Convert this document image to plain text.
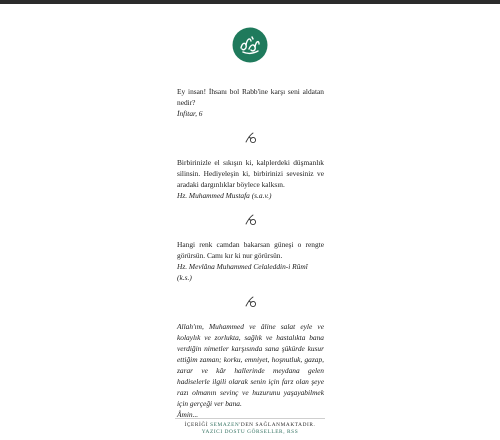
Ey insan! İhsanı bol Rabb'ine karşı seni aldatan nedir?

İnfitar, 6

Birbirinizle el sıkışın ki, kalplerdeki düşmanlık silinsin. Hediyeleşin ki, birbirinizi sevesiniz ve aradaki dargınlıklar böylece kalksın.

Hz. Muhammed Mustafa (s.a.v.)

Hangi renk camdan bakarsan güneşi o rengte görürsün. Camı kır ki nur görürsün.

Hz. Mevlâna Muhammed Celaleddin-i Rûmî (k.s.)

Allah'ım, Muhammed ve âline salat eyle ve kolaylık ve zorlukta, sağlık ve hastalıkta bana verdiğin nimetler karşısında sana şükürde kusur ettiğim zaman; korku, emniyet, hoşnutluk, gazap, zarar ve kâr hallerinde meydana gelen hadiselerle ilgili olarak senin için farz olan şeye razı olmanın sevinç ve huzurunu yaşayabilmek için gerçeği ver bana.

Âmin...

İÇERİĞİ SEMAZEN'DEN SAĞLANMAKTADIR.
YAZICI DOSTU GÖRSELLER, RSS
